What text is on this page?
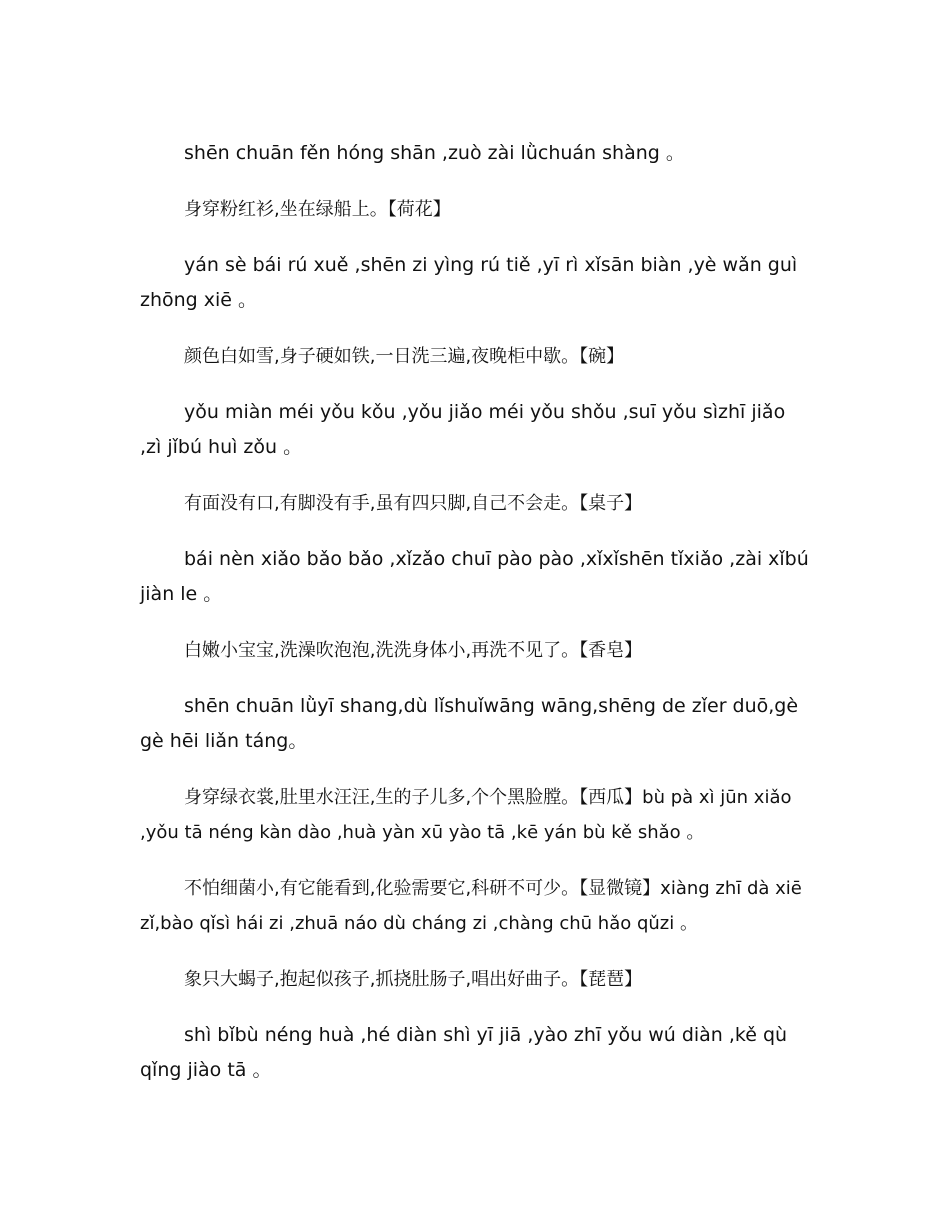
shēn chuān fěn hóng shān ,zuò zài lǜchuán shàng 。

身穿粉红衫,坐在绿船上。【荷花】

yán sè bái rú xuě ,shēn zi yìng rú tiě ,yī rì xǐsān biàn ,yè wǎn guì zhōng xiē 。

颜色白如雪,身子硬如铁,一日洗三遍,夜晚柜中歇。【碗】

yǒu miàn méi yǒu kǒu ,yǒu jiǎo méi yǒu shǒu ,suī yǒu sìzhī jiǎo ,zì jǐbú huì zǒu 。

有面没有口,有脚没有手,虽有四只脚,自己不会走。【桌子】

bái nèn xiǎo bǎo bǎo ,xǐzǎo chuī pào pào ,xǐxǐshēn tǐxiǎo ,zài xǐbú jiàn le 。

白嫩小宝宝,洗澡吹泡泡,洗洗身体小,再洗不见了。【香皂】

shēn chuān lǜyī shang,dù lǐshuǐwāng wāng,shēng de zǐer duō,gè gè hēi liǎn táng。

身穿绿衣裳,肚里水汪汪,生的子儿多,个个黑脸膛。【西瓜】bù pà xì jūn xiǎo ,yǒu tā néng kàn dào ,huà yàn xū yào tā ,kē yán bù kě shǎo 。

不怕细菌小,有它能看到,化验需要它,科研不可少。【显微镜】xiàng zhī dà xiē zǐ,bào qǐsì hái zi ,zhuā náo dù cháng zi ,chàng chū hǎo qǔzi 。

象只大蝎子,抱起似孩子,抓挠肚肠子,唱出好曲子。【琵琶】

shì bǐbù néng huà ,hé diàn shì yī jiā ,yào zhī yǒu wú diàn ,kě qù qǐng jiào tā 。
